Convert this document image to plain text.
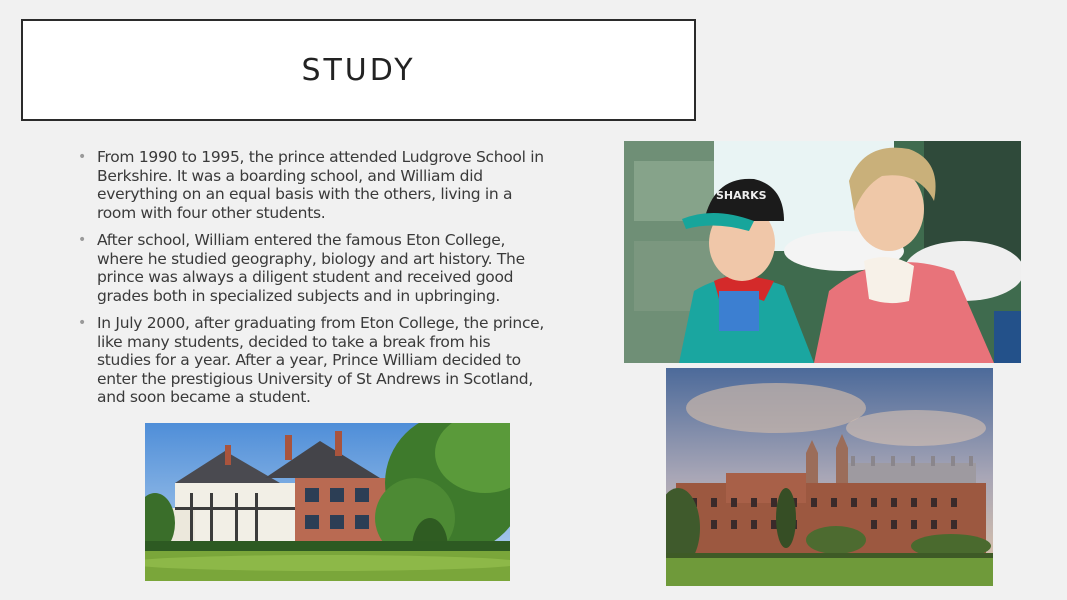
STUDY
• From 1990 to 1995, the prince attended Ludgrove School in Berkshire. It was a boarding school, and William did everything on an equal basis with the others, living in a room with four other students.
• After school, William entered the famous Eton College, where he studied geography, biology and art history. The prince was always a diligent student and received good grades both in specialized subjects and in upbringing.
• In July 2000, after graduating from Eton College, the prince, like many students, decided to take a break from his studies for a year. After a year, Prince William decided to enter the prestigious University of St Andrews in Scotland, and soon became a student.
SHARKS
